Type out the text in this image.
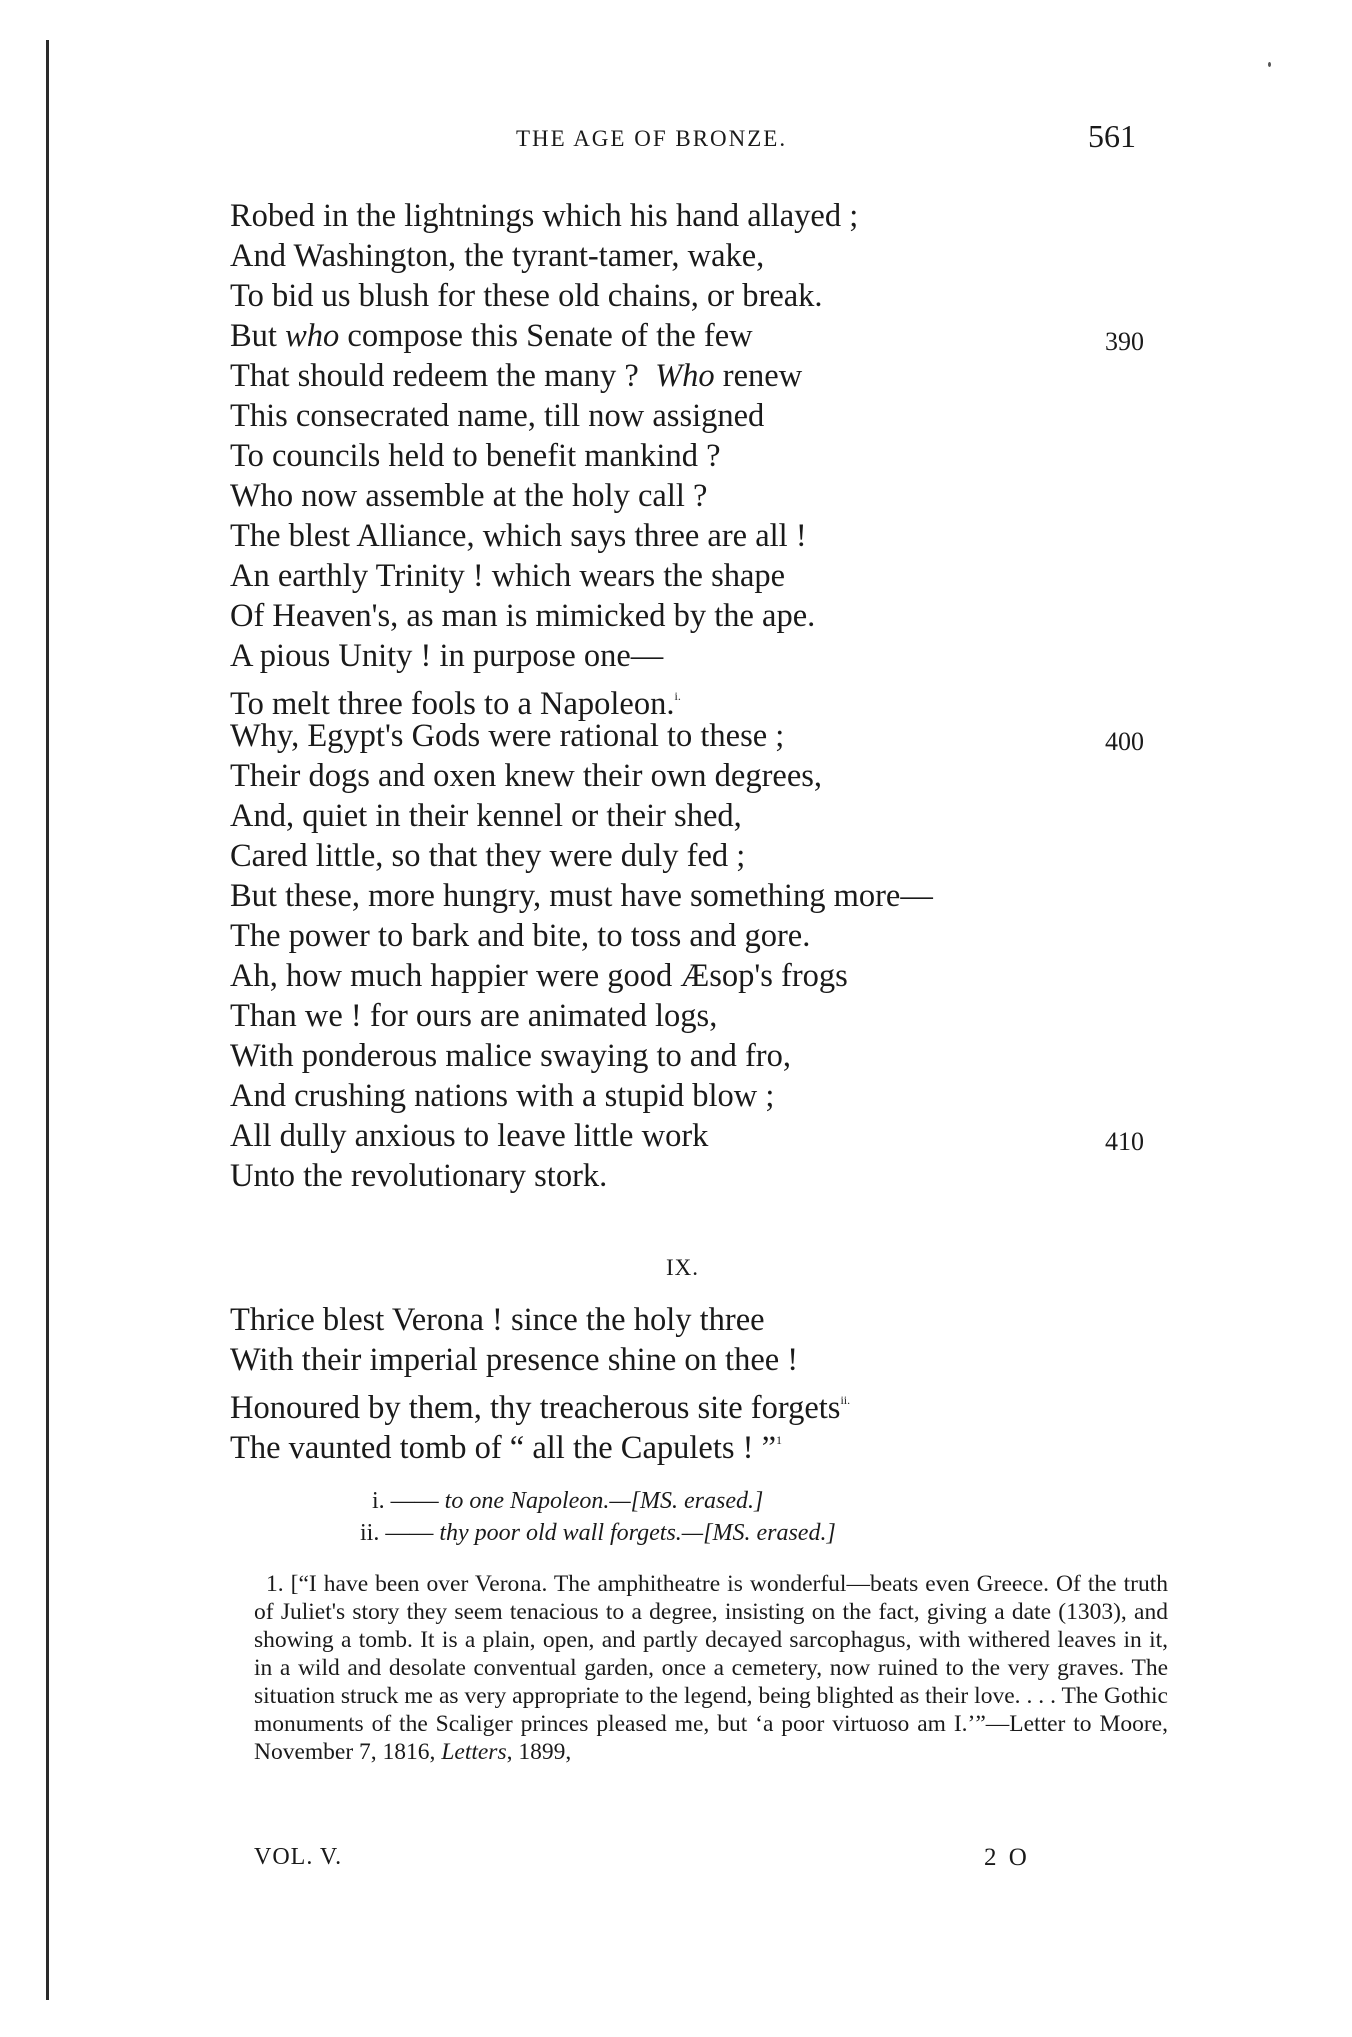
THE AGE OF BRONZE.	561
Robed in the lightnings which his hand allayed ;
And Washington, the tyrant-tamer, wake,
To bid us blush for these old chains, or break.
But who compose this Senate of the few
That should redeem the many ?  Who renew
This consecrated name, till now assigned
To councils held to benefit mankind ?
Who now assemble at the holy call ?
The blest Alliance, which says three are all !
An earthly Trinity ! which wears the shape
Of Heaven's, as man is mimicked by the ape.
A pious Unity ! in purpose one—
To melt three fools to a Napoleon.$^{i.}$
Why, Egypt's Gods were rational to these ;
Their dogs and oxen knew their own degrees,
And, quiet in their kennel or their shed,
Cared little, so that they were duly fed ;
But these, more hungry, must have something more—
The power to bark and bite, to toss and gore.
Ah, how much happier were good Æsop's frogs
Than we ! for ours are animated logs,
With ponderous malice swaying to and fro,
And crushing nations with a stupid blow ;
All dully anxious to leave little work
Unto the revolutionary stork.
390
400
410
IX.
Thrice blest Verona ! since the holy three
With their imperial presence shine on thee !
Honoured by them, thy treacherous site forgets$^{ii.}$
The vaunted tomb of “ all the Capulets ! ”$^1$
i. —— to one Napoleon.—[MS. erased.]
ii. —— thy poor old wall forgets.—[MS. erased.]
1. [“I have been over Verona. The amphitheatre is wonderful—beats even Greece. Of the truth of Juliet's story they seem tenacious to a degree, insisting on the fact, giving a date (1303), and showing a tomb. It is a plain, open, and partly decayed sarcophagus, with withered leaves in it, in a wild and desolate conventual garden, once a cemetery, now ruined to the very graves. The situation struck me as very appropriate to the legend, being blighted as their love. . . . The Gothic monuments of the Scaliger princes pleased me, but ‘a poor virtuoso am I.’”—Letter to Moore, November 7, 1816, Letters, 1899,
VOL. V.	2 O
